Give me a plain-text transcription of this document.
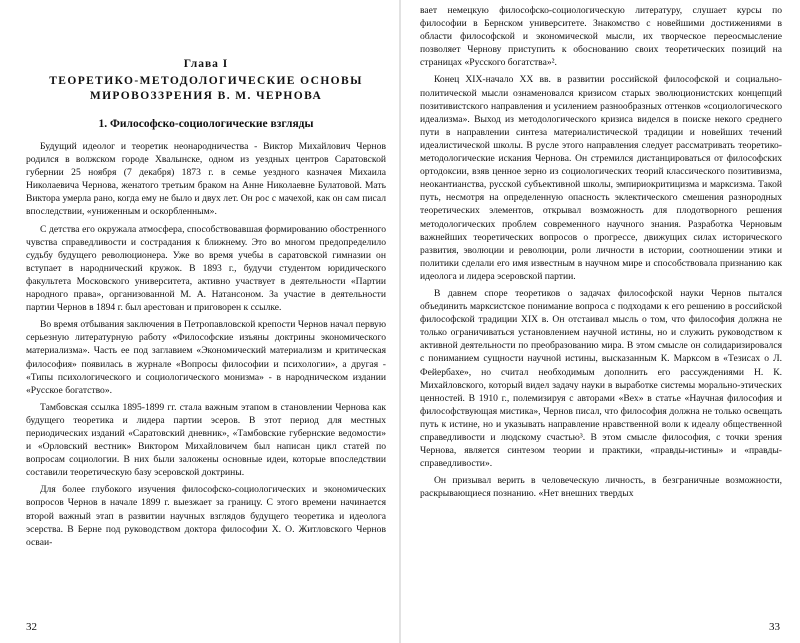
Глава I
ТЕОРЕТИКО-МЕТОДОЛОГИЧЕСКИЕ ОСНОВЫ
МИРОВОЗЗРЕНИЯ В. М. ЧЕРНОВА
1. Философско-социологические взгляды

Будущий идеолог и теоретик неонародничества - Виктор Михайлович Чернов родился в волжском городе Хвалынске, одном из уездных центров Саратовской губернии 25 ноября (7 декабря) 1873 г. в семье уездного казначея Михаила Николаевича Чернова, женатого третьим браком на Анне Николаевне Булатовой. Мать Виктора умерла рано, когда ему не было и двух лет. Он рос с мачехой, как он сам писал впоследствии, «униженным и оскорбленным».

С детства его окружала атмосфера, способствовавшая формированию обостренного чувства справедливости и сострадания к ближнему. Это во многом предопределило судьбу будущего революционера. Уже во время учебы в саратовской гимназии он вступает в народнический кружок. В 1893 г., будучи студентом юридического факультета Московского университета, активно участвует в деятельности «Партии народного права», организованной М. А. Натансоном. За участие в деятельности партии Чернов в 1894 г. был арестован и приговорен к ссылке.

Во время отбывания заключения в Петропавловской крепости Чернов начал первую серьезную литературную работу «Философские изъяны доктрины экономического материализма». Часть ее под заглавием «Экономический материализм и критическая философия» появилась в журнале «Вопросы философии и психологии», а другая - «Типы психологического и социологического монизма» - в народническом издании «Русское богатство».

Тамбовская ссылка 1895-1899 гг. стала важным этапом в становлении Чернова как будущего теоретика и лидера партии эсеров. В этот период для местных периодических изданий «Саратовский дневник», «Тамбовские губернские ведомости» и «Орловский вестник» Виктором Михайловичем был написан цикл статей по вопросам социологии. В них были заложены основные идеи, которые впоследствии составили теоретическую базу эсеровской доктрины.

Для более глубокого изучения философско-социологических и экономических вопросов Чернов в начале 1899 г. выезжает за границу. С этого времени начинается второй важный этап в развитии научных взглядов будущего теоретика и идеолога эсерства. В Берне под руководством доктора философии Х. О. Житловского Чернов осваи-

32

вает немецкую философско-социологическую литературу, слушает курсы по философии в Бернском университете. Знакомство с новейшими достижениями в области философской и экономической мысли, их творческое переосмысление позволяет Чернову приступить к обоснованию своих теоретических позиций на страницах «Русского богатства»².

Конец XIX-начало XX вв. в развитии российской философской и социально-политической мысли ознаменовался кризисом старых эволюционистских концепций позитивистского направления и усилением разнообразных оттенков «социологического идеализма». Выход из методологического кризиса виделся в поиске некого среднего пути в направлении синтеза материалистической традиции и новейших течений идеалистической школы. В русле этого направления следует рассматривать теоретико-методологические искания Чернова. Он стремился дистанцироваться от философских ортодоксии, взяв ценное зерно из социологических теорий классического позитивизма, неокантианства, русской субъективной школы, эмпириокритицизма и марксизма. Такой путь, несмотря на определенную опасность эклектического смешения разнородных теоретических элементов, открывал возможность для плодотворного решения методологических проблем современного научного знания. Разработка Черновым важнейших теоретических вопросов о прогрессе, движущих силах исторического развития, эволюции и революции, роли личности в истории, соотношении этики и политики сделали его имя известным в научном мире и способствовала признанию как идеолога и лидера эсеровской партии.

В давнем споре теоретиков о задачах философской науки Чернов пытался объединить марксистское понимание вопроса с подходами к его решению в российской философской традиции XIX в. Он отстаивал мысль о том, что философия должна не только ограничиваться установлением научной истины, но и служить руководством к активной деятельности по преобразованию мира. В этом смысле он солидаризировался с пониманием сущности научной истины, высказанным К. Марксом в «Тезисах о Л. Фейербахе», но считал необходимым дополнить его рассуждениями Н. К. Михайловского, который видел задачу науки в выработке системы морально-этических ценностей. В 1910 г., полемизируя с авторами «Вех» в статье «Научная философия и философствующая мистика», Чернов писал, что философия должна не только освещать путь к истине, но и указывать направление нравственной воли к идеалу общественной справедливости и людскому счастью³. В этом смысле философия, с точки зрения Чернова, является синтезом теории и практики, «правды-истины» и «правды-справедливости».

Он призывал верить в человеческую личность, в безграничные возможности, раскрывающиеся познанию. «Нет внешних твердых

33
